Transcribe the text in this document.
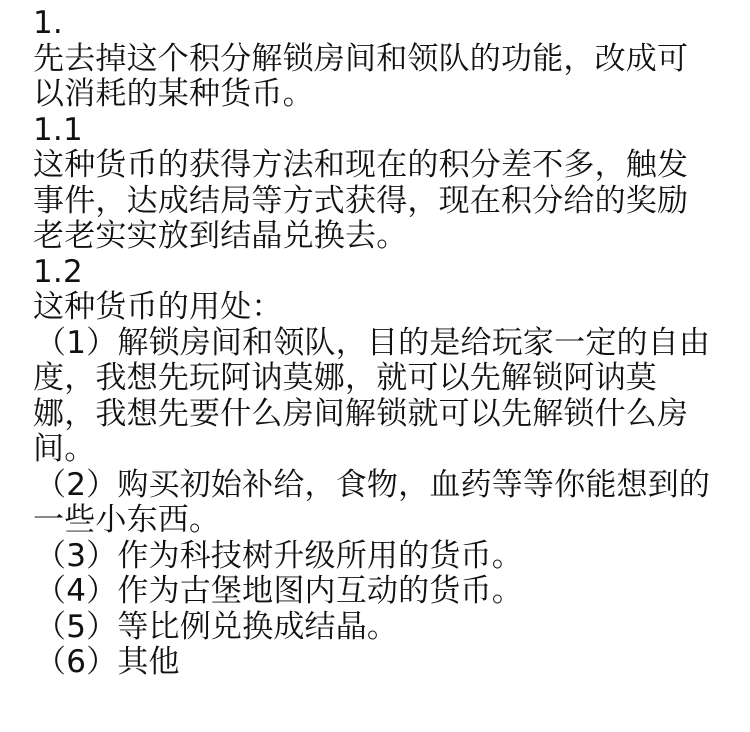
1.
先去掉这个积分解锁房间和领队的功能，改成可
以消耗的某种货币。
1.1
这种货币的获得方法和现在的积分差不多，触发
事件，达成结局等方式获得，现在积分给的奖励
老老实实放到结晶兑换去。
1.2
这种货币的用处：
（1）解锁房间和领队，目的是给玩家一定的自由
度，我想先玩阿讷莫娜，就可以先解锁阿讷莫
娜，我想先要什么房间解锁就可以先解锁什么房
间。
（2）购买初始补给，食物，血药等等你能想到的
一些小东西。
（3）作为科技树升级所用的货币。
（4）作为古堡地图内互动的货币。
（5）等比例兑换成结晶。
（6）其他
